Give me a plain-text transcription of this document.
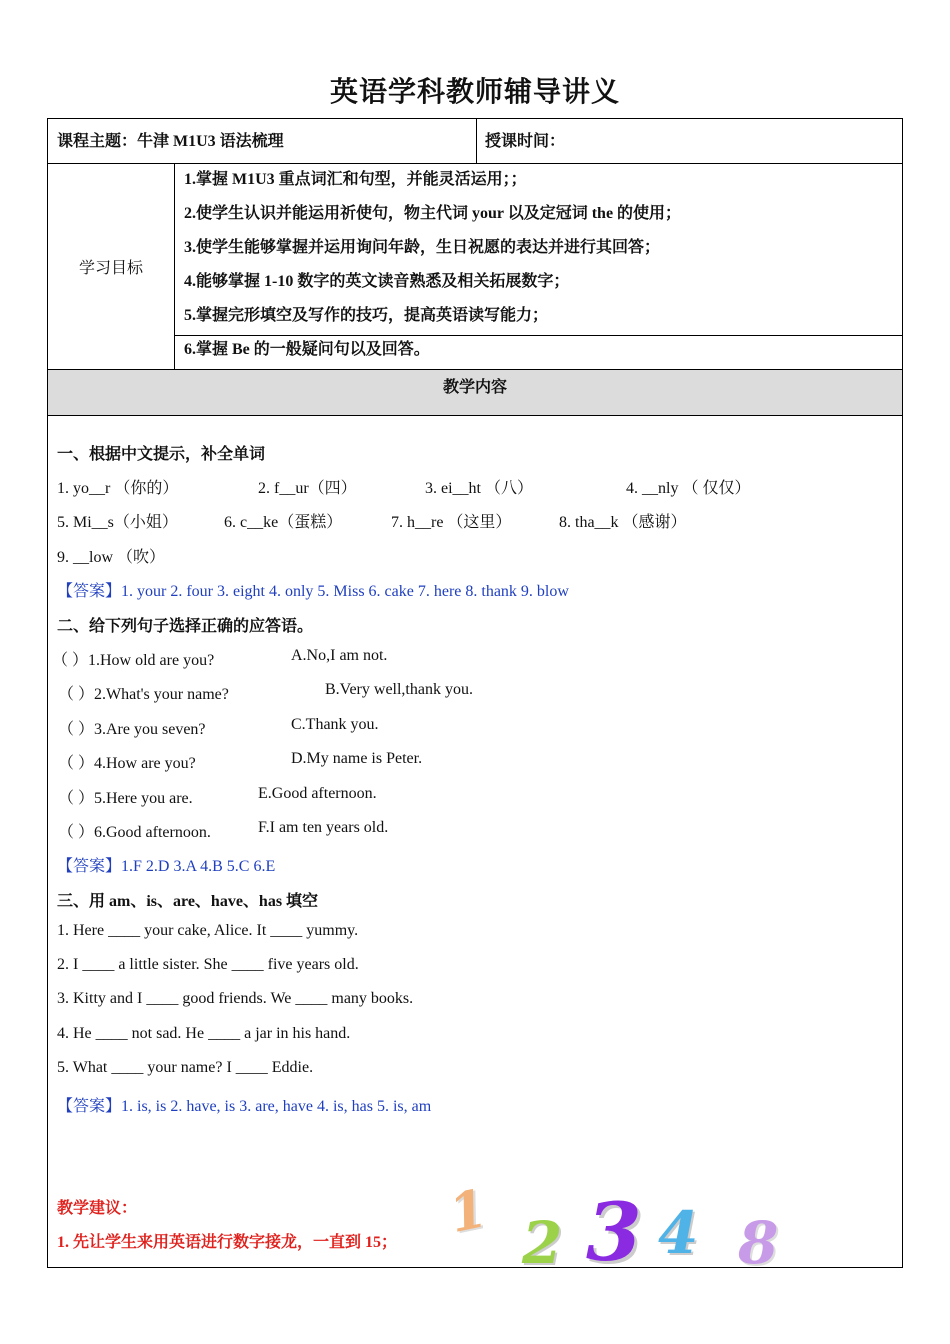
英语学科教师辅导讲义
课程主题：牛津 M1U3 语法梳理	授课时间：
学习目标
1.掌握 M1U3 重点词汇和句型，并能灵活运用；；
2.使学生认识并能运用祈使句，物主代词 your 以及定冠词 the 的使用；
3.使学生能够掌握并运用询问年龄，生日祝愿的表达并进行其回答；
4.能够掌握 1-10 数字的英文读音熟悉及相关拓展数字；
5.掌握完形填空及写作的技巧，提高英语读写能力；
6.掌握 Be 的一般疑问句以及回答。
教学内容
一、根据中文提示，补全单词
1. yo__r （你的）	2. f__ur（四）	3. ei__ht （八）	4. __nly （ 仅仅）
5. Mi__s（小姐）	6. c__ke（蛋糕）	7. h__re （这里）	8. tha__k （感谢）
9. __low （吹）
【答案】1. your 2. four 3. eight 4. only 5. Miss 6. cake 7. here 8. thank 9. blow
二、给下列句子选择正确的应答语。
（ ）1.How old are you?	A.No,I am not.
（ ）2.What's your name?	B.Very well,thank you.
（ ）3.Are you seven?	C.Thank you.
（ ）4.How are you?	D.My name is Peter.
（ ）5.Here you are.	E.Good afternoon.
（ ）6.Good afternoon.	F.I am ten years old.
【答案】1.F 2.D 3.A 4.B 5.C 6.E
三、用 am、is、are、have、has 填空
1. Here ____ your cake, Alice. It ____ yummy.
2. I ____ a little sister. She ____ five years old.
3. Kitty and I ____ good friends. We ____ many books.
4. He ____ not sad. He ____ a jar in his hand.
5. What ____ your name? I ____ Eddie.
【答案】1. is, is 2. have, is 3. are, have 4. is, has 5. is, am
教学建议：
1. 先让学生来用英语进行数字接龙，一直到 15； 1 2 3 4 8
